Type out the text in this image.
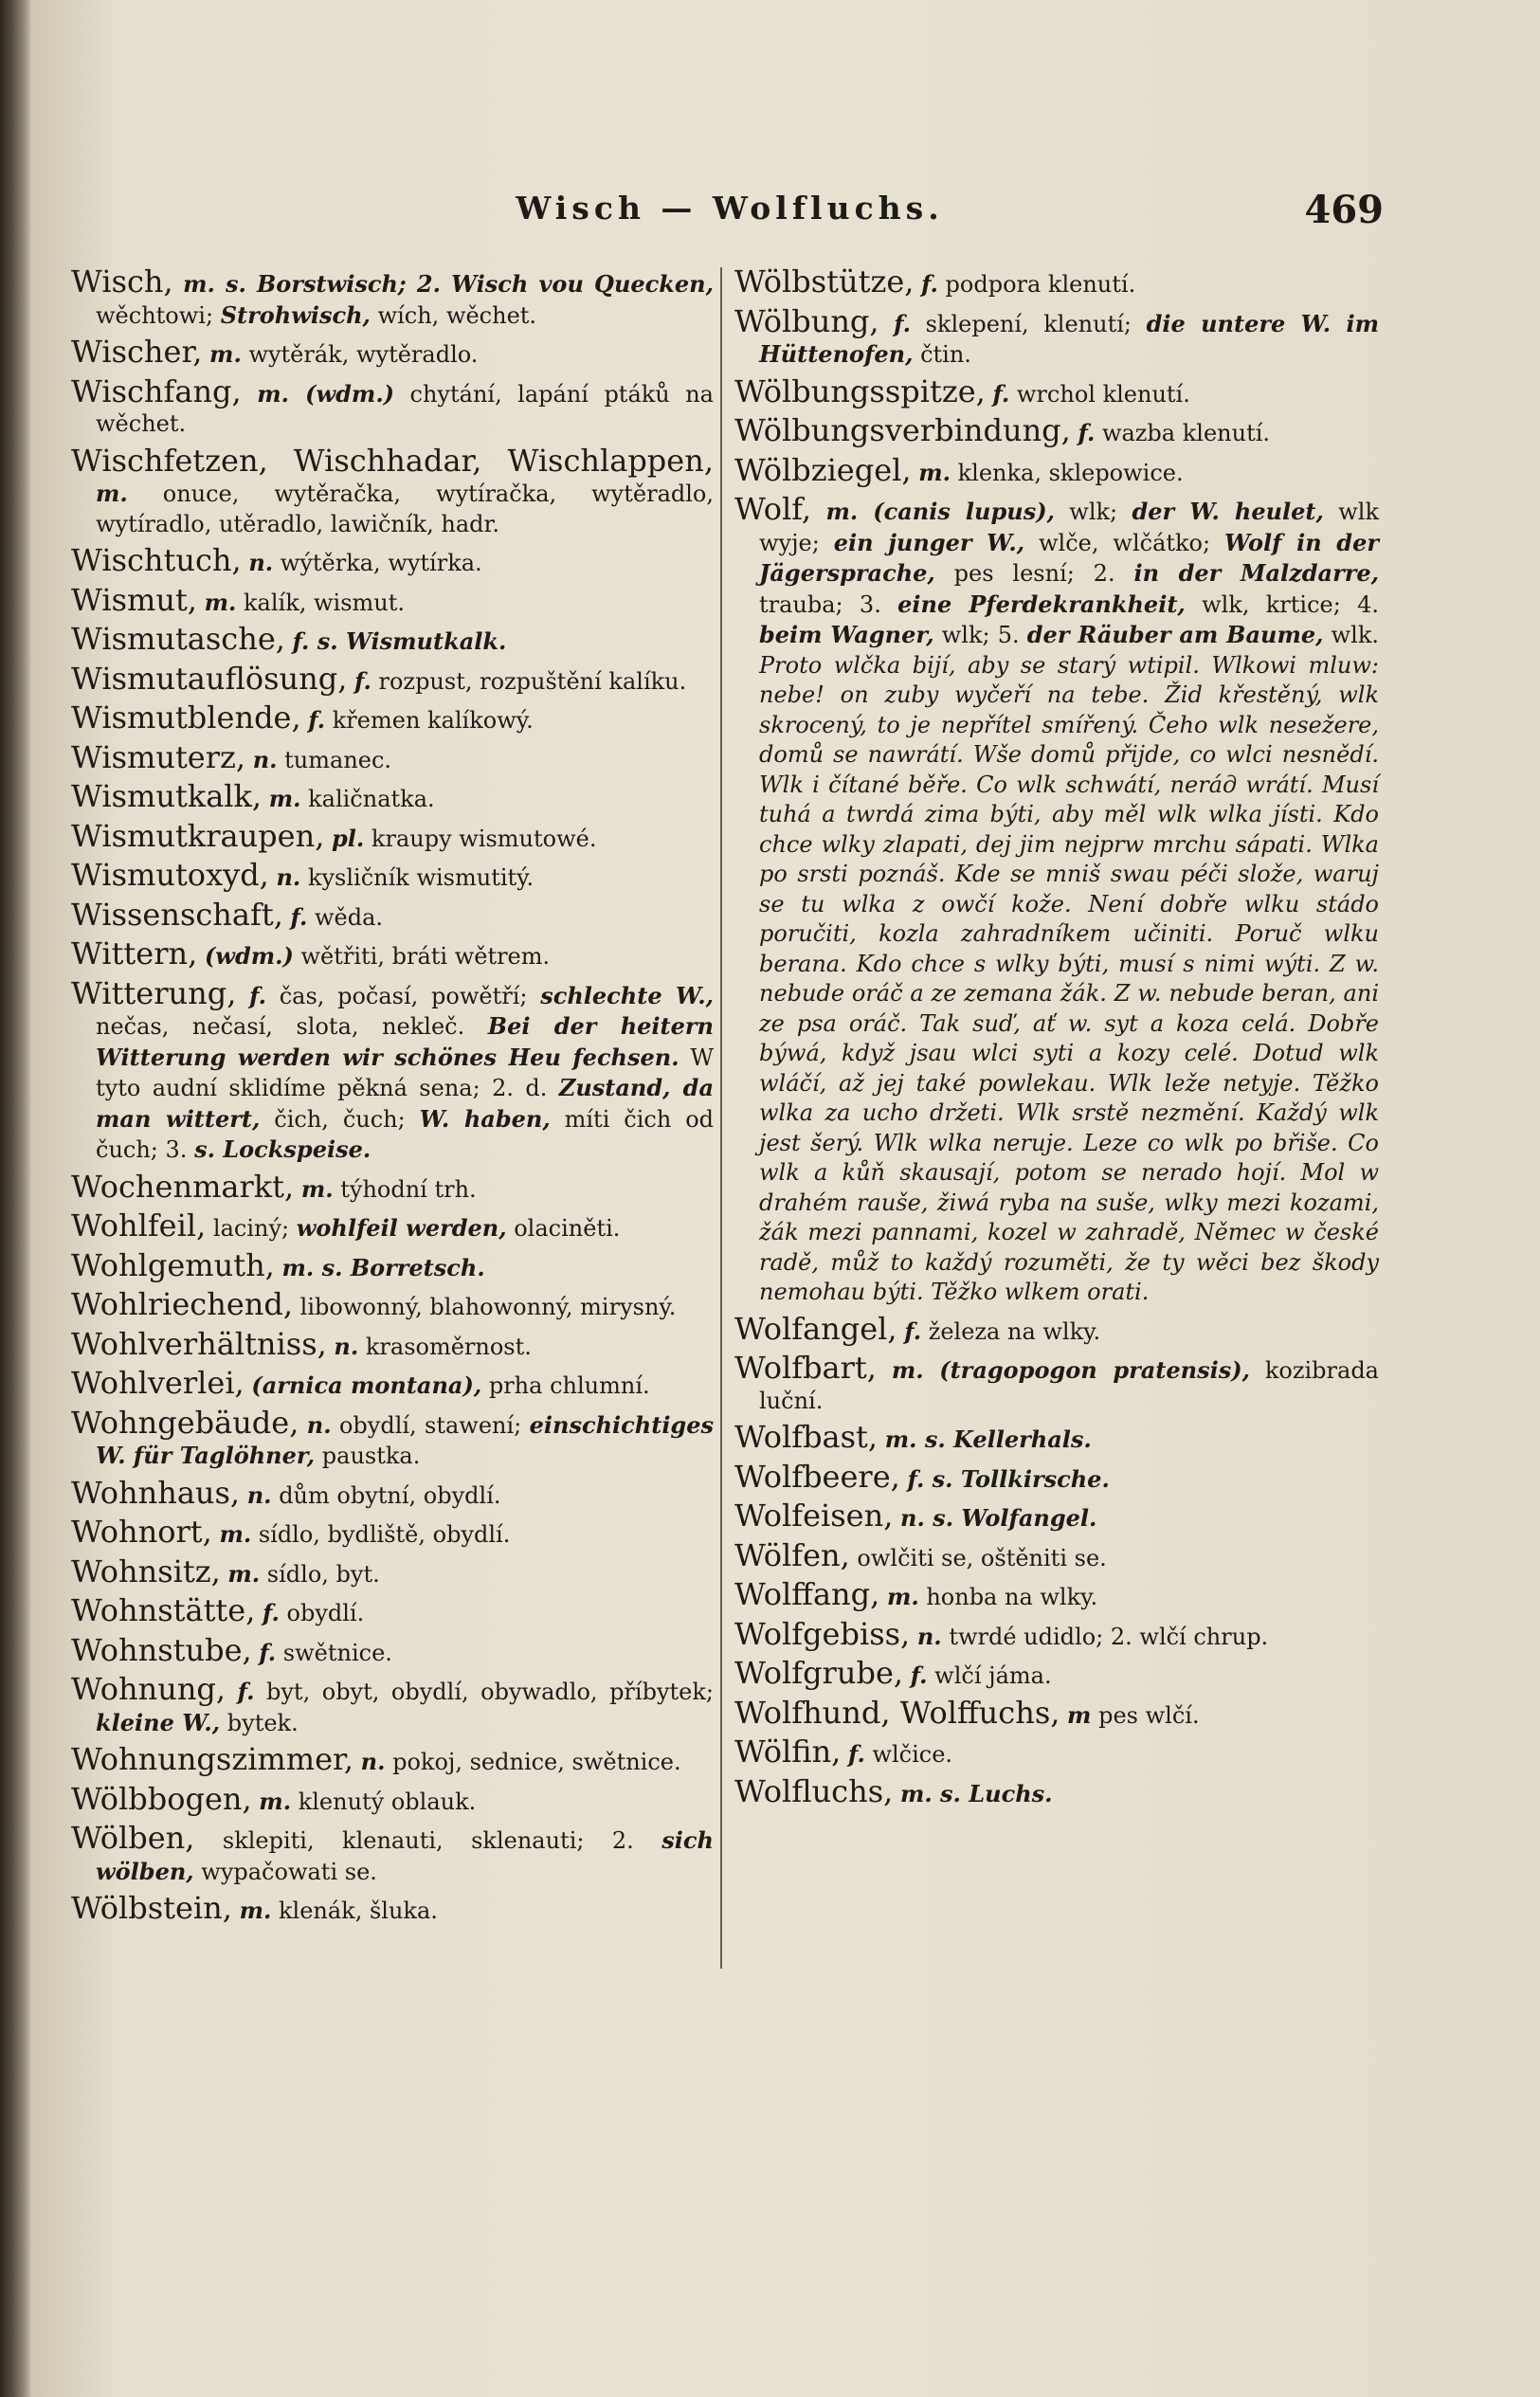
Wisch — Wolfluchs.	469
Wisch, m. s. Borstwisch; 2. Wisch vou Quecken, wěchtowi; Strohwisch, wích, wěchet.
Wischer, m. wytěrák, wytěradlo.
Wischfang, m. (wdm.) chytání, lapání ptáků na wěchet.
Wischfetzen, Wischhadar, Wischlappen, m. onuce, wytěračka, wytíračka, wytěradlo, wytíradlo, utěradlo, lawičník, hadr.
Wischtuch, n. wýtěrka, wytírka.
Wismut, m. kalík, wismut.
Wismutasche, f. s. Wismutkalk.
Wismutauflösung, f. rozpust, rozpuštění kalíku.
Wismutblende, f. křemen kalíkowý.
Wismuterz, n. tumanec.
Wismutkalk, m. kaličnatka.
Wismutkraupen, pl. kraupy wismutowé.
Wismutoxyd, n. kysličník wismutitý.
Wissenschaft, f. wěda.
Wittern, (wdm.) wětřiti, bráti wětrem.
Witterung, f. čas, počasí, powětří; schlechte W., nečas, nečasí, slota, nekleč. Bei der heitern Witterung werden wir schönes Heu fechsen. W tyto audní sklidíme pěkná sena; 2. d. Zustand, da man wittert, čich, čuch; W. haben, míti čich od čuch; 3. s. Lockspeise.
Wochenmarkt, m. týhodní trh.
Wohlfeil, laciný; wohlfeil werden, olaciněti.
Wohlgemuth, m. s. Borretsch.
Wohlriechend, libowonný, blahowonný, mirysný.
Wohlverhältniss, n. krasoměrnost.
Wohlverlei, (arnica montana), prha chlumní.
Wohngebäude, n. obydlí, stawení; einschichtiges W. für Taglöhner, paustka.
Wohnhaus, n. dům obytní, obydlí.
Wohnort, m. sídlo, bydliště, obydlí.
Wohnsitz, m. sídlo, byt.
Wohnstätte, f. obydlí.
Wohnstube, f. swětnice.
Wohnung, f. byt, obyt, obydlí, obywadlo, příbytek; kleine W., bytek.
Wohnungszimmer, n. pokoj, sednice, swětnice.
Wölbbogen, m. klenutý oblauk.
Wölben, sklepiti, klenauti, sklenauti; 2. sich wölben, wypačowati se.
Wölbstein, m. klenák, šluka.
Wölbstütze, f. podpora klenutí.
Wölbung, f. sklepení, klenutí; die untere W. im Hüttenofen, čtin.
Wölbungsspitze, f. wrchol klenutí.
Wölbungsverbindung, f. wazba klenutí.
Wölbziegel, m. klenka, sklepowice.
Wolf, m. (canis lupus), wlk; der W. heulet, wlk wyje; ein junger W., wlče, wlčátko; Wolf in der Jägersprache, pes lesní; 2. in der Malzdarre, trauba; 3. eine Pferdekrankheit, wlk, krtice; 4. beim Wagner, wlk; 5. der Räuber am Baume, wlk. Proto wlčka bijí, aby se starý wtipil. Wlkowi mluw: nebe! on zuby wyčeří na tebe. Žid křestěný, wlk skrocený, to je nepřítel smířený. Čeho wlk nesežere, domů se nawrátí. Wše domů přijde, co wlci nesnědí. Wlk i čítané běře. Co wlk schwátí, neráд wrátí. Musí tuhá a twrdá zima býti, aby měl wlk wlka jísti. Kdo chce wlky zlapati, dej jim nejprw mrchu sápati. Wlka po srsti poznáš. Kde se mniš swau péči slože, waruj se tu wlka z owčí kože. Není dobře wlku stádo poručiti, kozla zahradníkem učiniti. Poruč wlku berana. Kdo chce s wlky býti, musí s nimi wýti. Z w. nebude oráč a ze zemana žák. Z w. nebude beran, ani ze psa oráč. Tak suď, ať w. syt a koza celá. Dobře býwá, když jsau wlci syti a kozy celé. Dotud wlk wláčí, až jej také powlekau. Wlk leže netyje. Těžko wlka za ucho držeti. Wlk srstě nezmění. Každý wlk jest šerý. Wlk wlka neruje. Leze co wlk po břiše. Co wlk a kůň skausají, potom se neradо hojí. Mol w drahém rauše, žiwá ryba na suše, wlky mezi kozami, žák mezi pannami, kozel w zahradě, Němec w české radě, můž to každý rozuměti, že ty wěci bez škody nemohau býti. Těžko wlkem orati.
Wolfangel, f. železa na wlky.
Wolfbart, m. (tragopogon pratensis), kozibrada luční.
Wolfbast, m. s. Kellerhals.
Wolfbeere, f. s. Tollkirsche.
Wolfeisen, n. s. Wolfangel.
Wölfen, owlčiti se, oštěniti se.
Wolffang, m. honba na wlky.
Wolfgebiss, n. twrdé udidlo; 2. wlčí chrup.
Wolfgrube, f. wlčí jáma.
Wolfhund, Wolffuchs, m pes wlčí.
Wölfin, f. wlčice.
Wolfluchs, m. s. Luchs.
